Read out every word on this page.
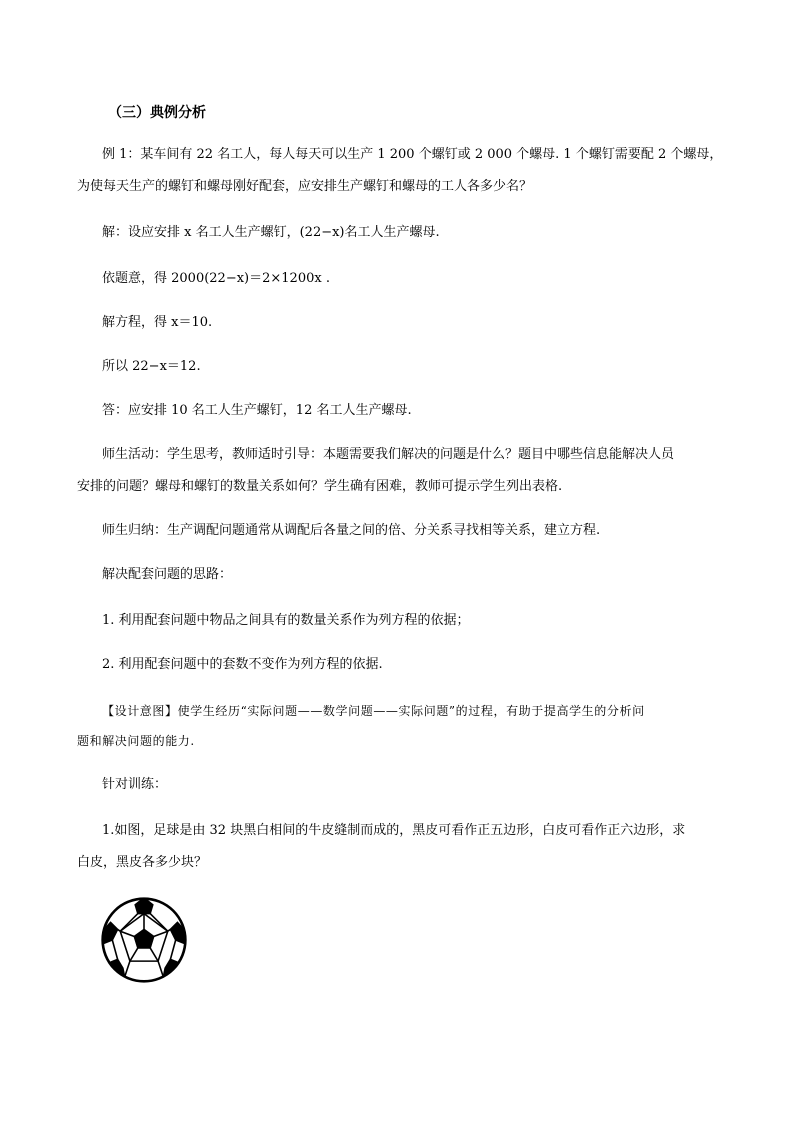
（三）典例分析
例 1：某车间有 22 名工人，每人每天可以生产 1 200 个螺钉或 2 000 个螺母. 1 个螺钉需要配 2 个螺母，
为使每天生产的螺钉和螺母刚好配套，应安排生产螺钉和螺母的工人各多少名？
解：设应安排 x 名工人生产螺钉，(22−x)名工人生产螺母.
依题意，得 2000(22−x)＝2×1200x .
解方程，得 x＝10.
所以 22−x＝12.
答：应安排 10 名工人生产螺钉，12 名工人生产螺母.
师生活动：学生思考，教师适时引导：本题需要我们解决的问题是什么？题目中哪些信息能解决人员
安排的问题？螺母和螺钉的数量关系如何？学生确有困难，教师可提示学生列出表格.
师生归纳：生产调配问题通常从调配后各量之间的倍、分关系寻找相等关系，建立方程.
解决配套问题的思路：
1. 利用配套问题中物品之间具有的数量关系作为列方程的依据；
2. 利用配套问题中的套数不变作为列方程的依据.
【设计意图】使学生经历“实际问题——数学问题——实际问题”的过程，有助于提高学生的分析问
题和解决问题的能力.
针对训练：
1.如图，足球是由 32 块黑白相间的牛皮缝制而成的，黑皮可看作正五边形，白皮可看作正六边形，求
白皮，黑皮各多少块？
